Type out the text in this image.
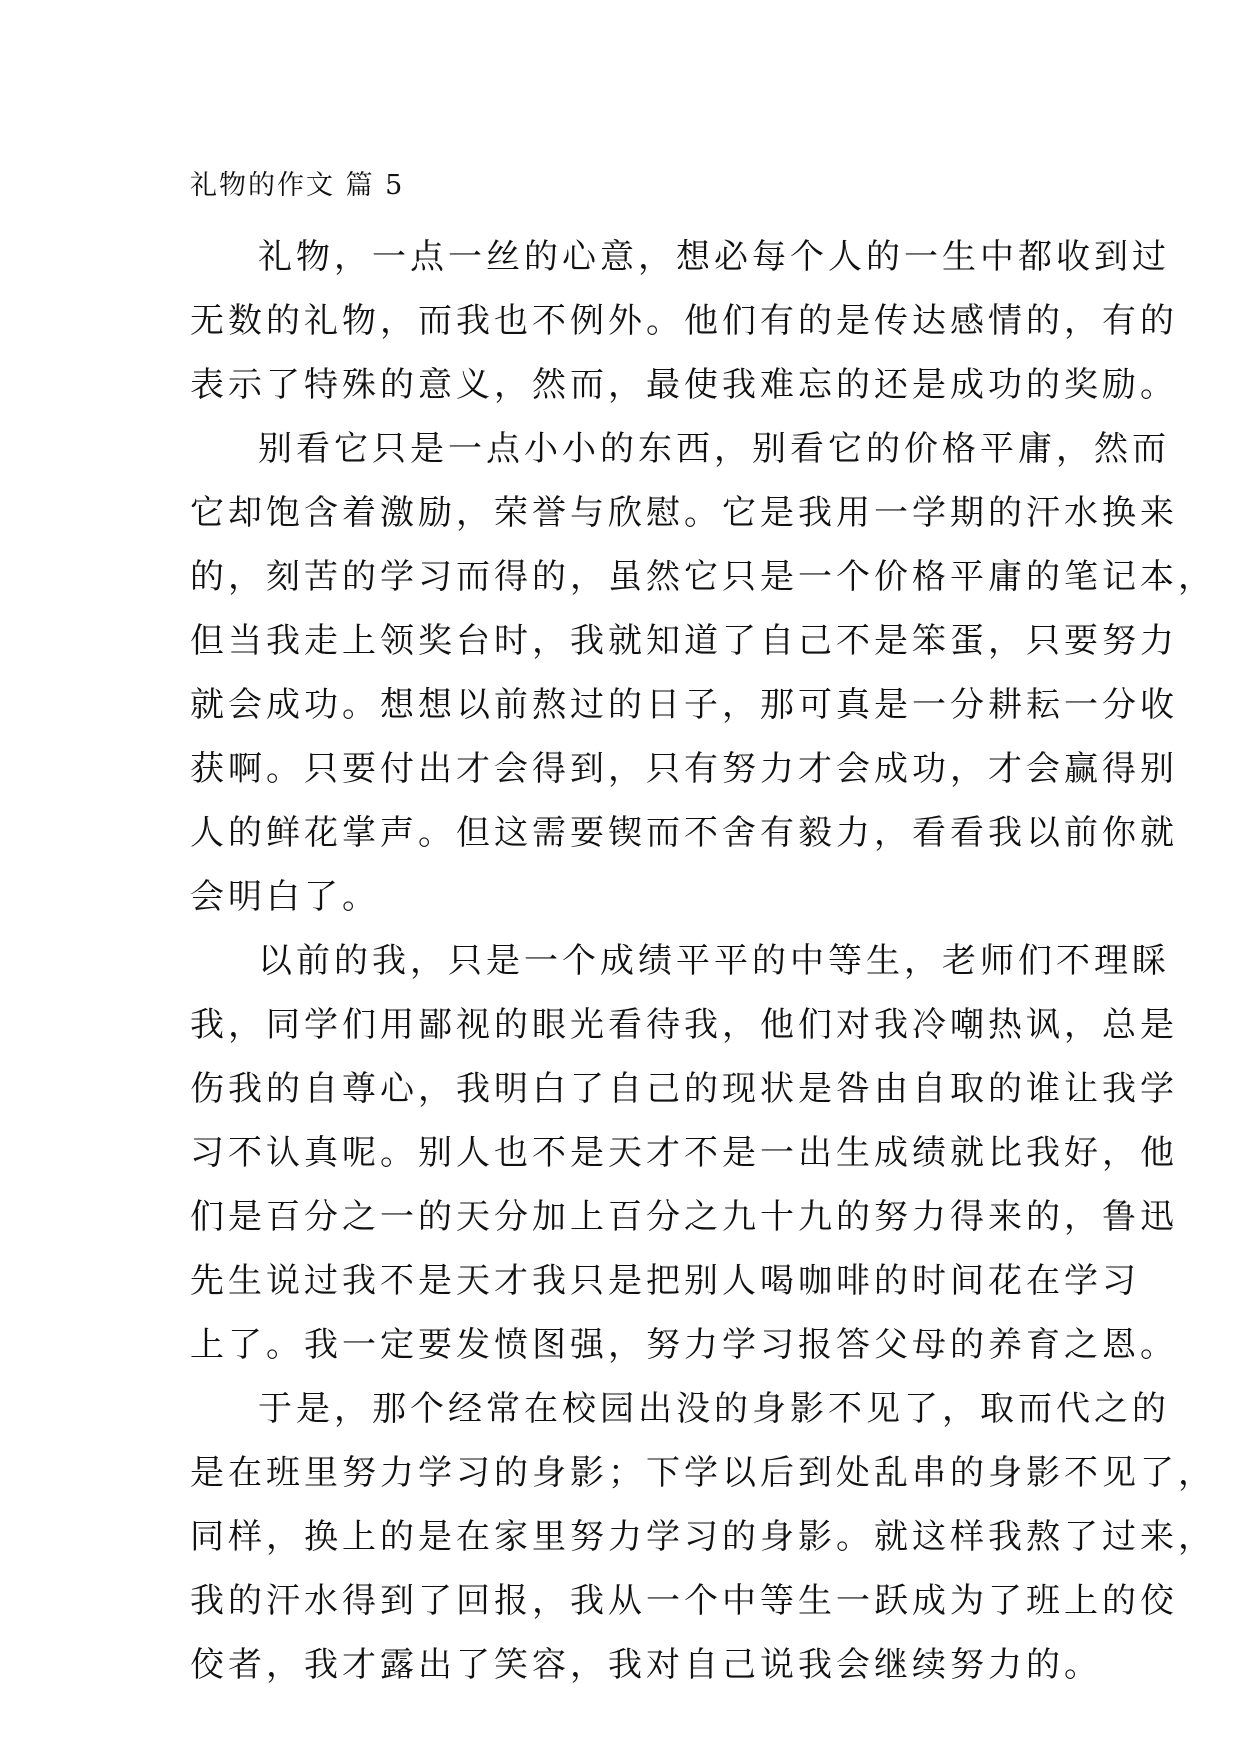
礼物的作文 篇 5
礼物，一点一丝的心意，想必每个人的一生中都收到过
无数的礼物，而我也不例外。他们有的是传达感情的，有的
表示了特殊的意义，然而，最使我难忘的还是成功的奖励。
别看它只是一点小小的东西，别看它的价格平庸，然而
它却饱含着激励，荣誉与欣慰。它是我用一学期的汗水换来
的，刻苦的学习而得的，虽然它只是一个价格平庸的笔记本，
但当我走上领奖台时，我就知道了自己不是笨蛋，只要努力
就会成功。想想以前熬过的日子，那可真是一分耕耘一分收
获啊。只要付出才会得到，只有努力才会成功，才会赢得别
人的鲜花掌声。但这需要锲而不舍有毅力，看看我以前你就
会明白了。
以前的我，只是一个成绩平平的中等生，老师们不理睬
我，同学们用鄙视的眼光看待我，他们对我冷嘲热讽，总是
伤我的自尊心，我明白了自己的现状是咎由自取的谁让我学
习不认真呢。别人也不是天才不是一出生成绩就比我好，他
们是百分之一的天分加上百分之九十九的努力得来的，鲁迅
先生说过我不是天才我只是把别人喝咖啡的时间花在学习
上了。我一定要发愤图强，努力学习报答父母的养育之恩。
于是，那个经常在校园出没的身影不见了，取而代之的
是在班里努力学习的身影；下学以后到处乱串的身影不见了，
同样，换上的是在家里努力学习的身影。就这样我熬了过来，
我的汗水得到了回报，我从一个中等生一跃成为了班上的佼
佼者，我才露出了笑容，我对自己说我会继续努力的。
